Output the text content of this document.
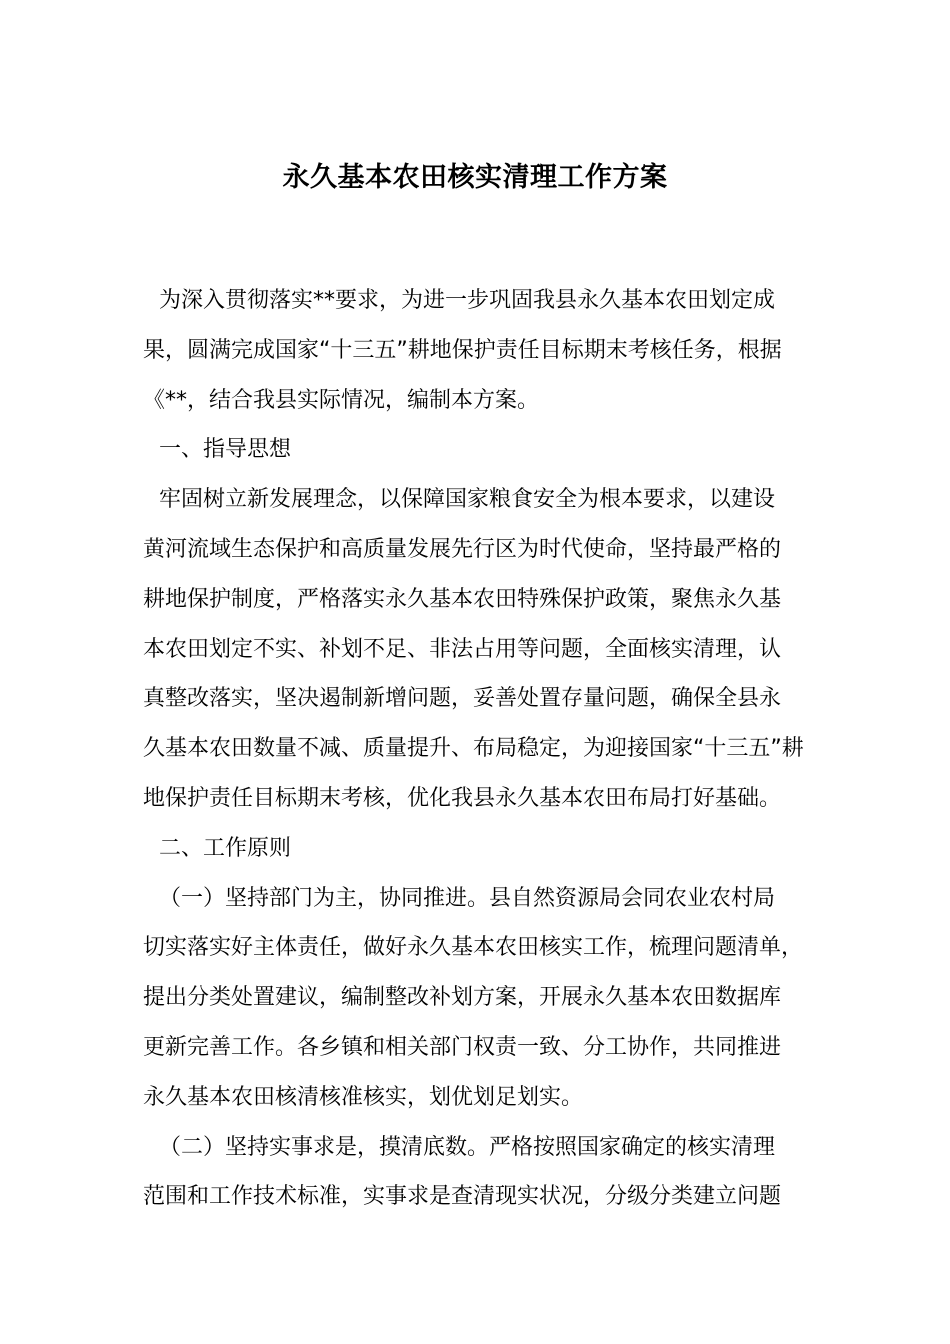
永久基本农田核实清理工作方案
为深入贯彻落实**要求，为进一步巩固我县永久基本农田划定成
果，圆满完成国家“十三五”耕地保护责任目标期末考核任务，根据
《**，结合我县实际情况，编制本方案。
一、指导思想
牢固树立新发展理念，以保障国家粮食安全为根本要求，以建设
黄河流域生态保护和高质量发展先行区为时代使命，坚持最严格的
耕地保护制度，严格落实永久基本农田特殊保护政策，聚焦永久基
本农田划定不实、补划不足、非法占用等问题，全面核实清理，认
真整改落实，坚决遏制新增问题，妥善处置存量问题，确保全县永
久基本农田数量不减、质量提升、布局稳定，为迎接国家“十三五”耕
地保护责任目标期末考核，优化我县永久基本农田布局打好基础。
二、工作原则
（一）坚持部门为主，协同推进。县自然资源局会同农业农村局
切实落实好主体责任，做好永久基本农田核实工作，梳理问题清单，
提出分类处置建议，编制整改补划方案，开展永久基本农田数据库
更新完善工作。各乡镇和相关部门权责一致、分工协作，共同推进
永久基本农田核清核准核实，划优划足划实。
（二）坚持实事求是，摸清底数。严格按照国家确定的核实清理
范围和工作技术标准，实事求是查清现实状况，分级分类建立问题
